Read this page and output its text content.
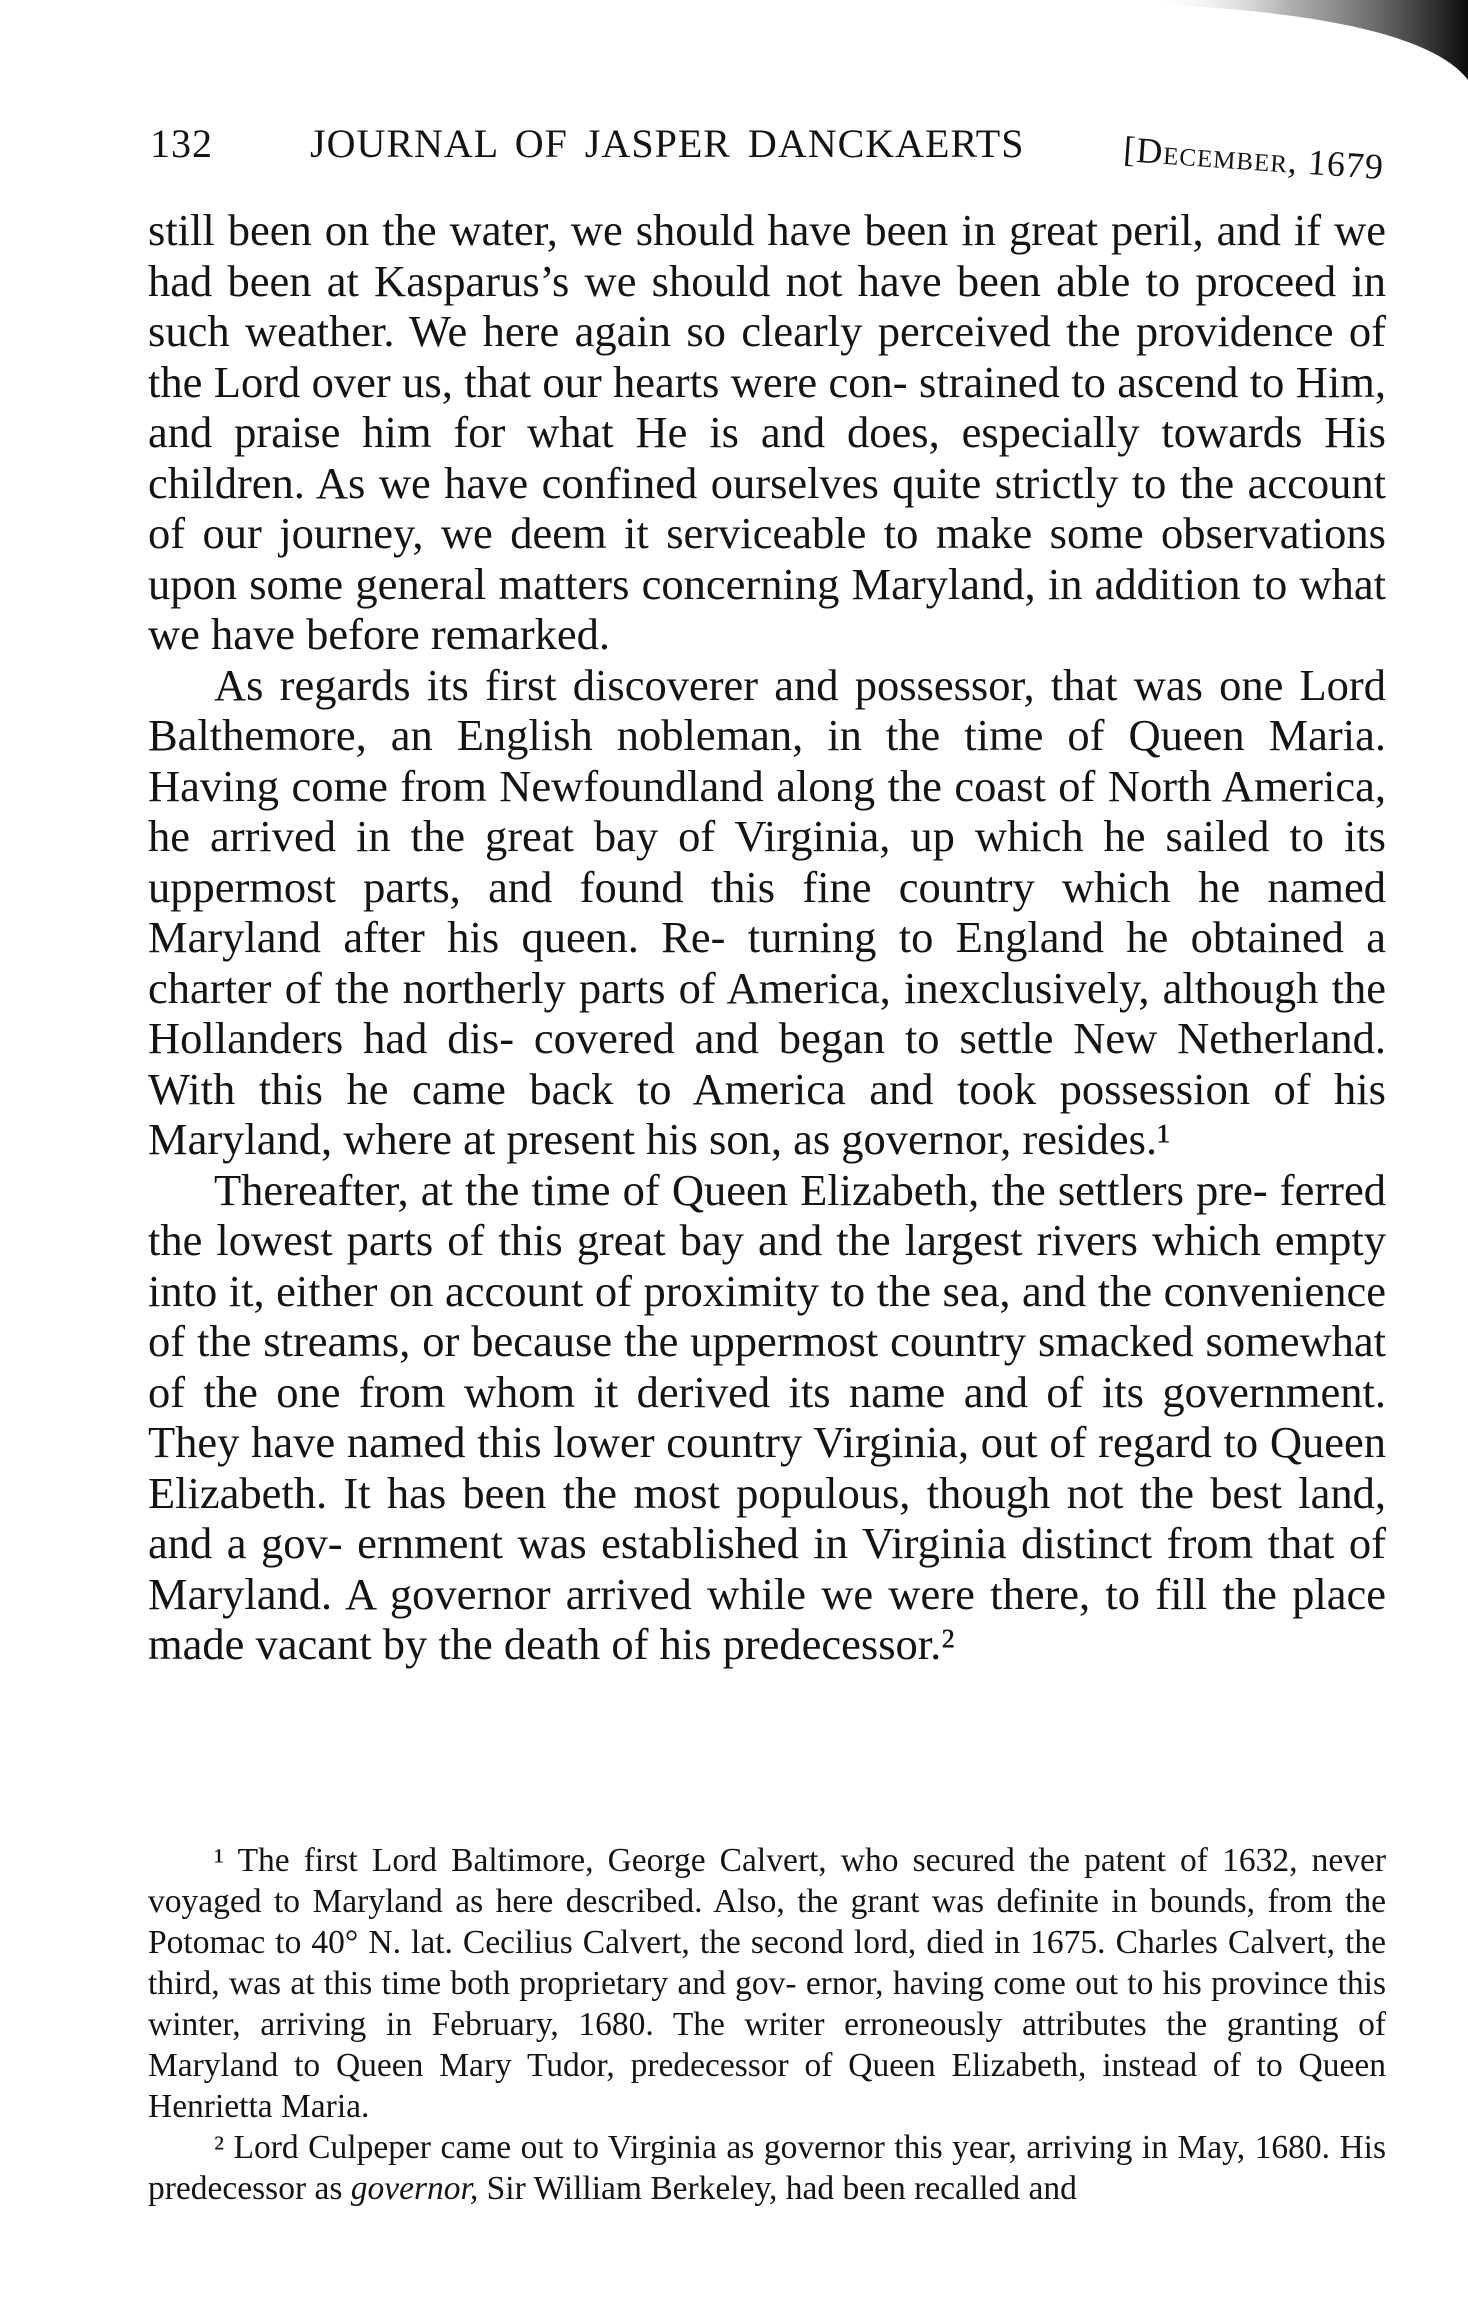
132 JOURNAL OF JASPER DANCKAERTS	[December, 1679

still been on the water, we should have been in great peril, and if we had been at Kasparus’s we should not have been able to proceed in such weather. We here again so clearly perceived the providence of the Lord over us, that our hearts were con- strained to ascend to Him, and praise him for what He is and does, especially towards His children. As we have confined ourselves quite strictly to the account of our journey, we deem it serviceable to make some observations upon some general matters concerning Maryland, in addition to what we have before remarked.

As regards its first discoverer and possessor, that was one Lord Balthemore, an English nobleman, in the time of Queen Maria. Having come from Newfoundland along the coast of North America, he arrived in the great bay of Virginia, up which he sailed to its uppermost parts, and found this fine country which he named Maryland after his queen. Re- turning to England he obtained a charter of the northerly parts of America, inexclusively, although the Hollanders had dis- covered and began to settle New Netherland. With this he came back to America and took possession of his Maryland, where at present his son, as governor, resides.¹

Thereafter, at the time of Queen Elizabeth, the settlers pre- ferred the lowest parts of this great bay and the largest rivers which empty into it, either on account of proximity to the sea, and the convenience of the streams, or because the uppermost country smacked somewhat of the one from whom it derived its name and of its government. They have named this lower country Virginia, out of regard to Queen Elizabeth. It has been the most populous, though not the best land, and a gov- ernment was established in Virginia distinct from that of Maryland. A governor arrived while we were there, to fill the place made vacant by the death of his predecessor.²

¹ The first Lord Baltimore, George Calvert, who secured the patent of 1632, never voyaged to Maryland as here described. Also, the grant was definite in bounds, from the Potomac to 40° N. lat. Cecilius Calvert, the second lord, died in 1675. Charles Calvert, the third, was at this time both proprietary and gov- ernor, having come out to his province this winter, arriving in February, 1680. The writer erroneously attributes the granting of Maryland to Queen Mary Tudor, predecessor of Queen Elizabeth, instead of to Queen Henrietta Maria.

² Lord Culpeper came out to Virginia as governor this year, arriving in May, 1680. His predecessor as governor, Sir William Berkeley, had been recalled and
